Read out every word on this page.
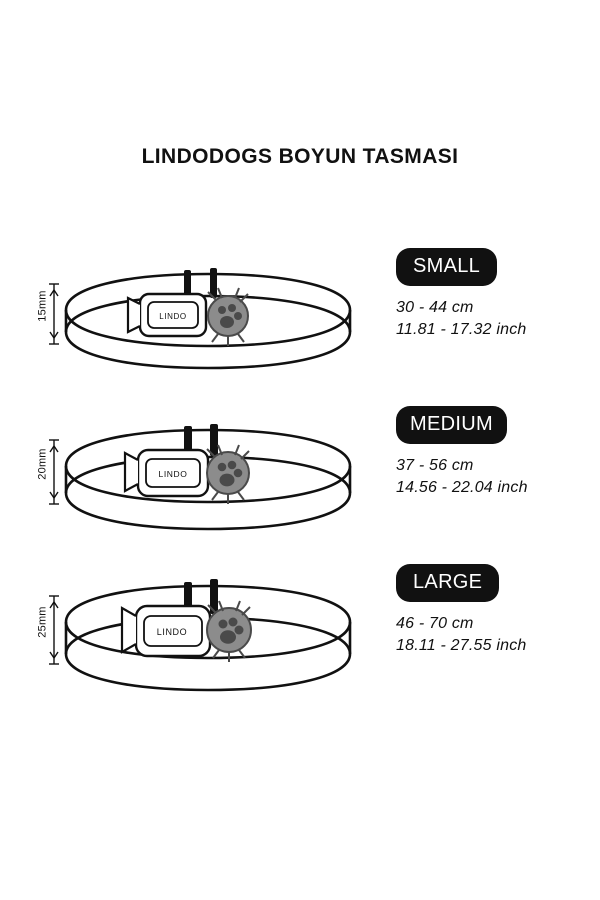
LINDODOGS BOYUN TASMASI
15mm	LINDO
SMALL
30 - 44 cm
11.81 - 17.32 inch
20mm	LINDO
MEDIUM
37 - 56 cm
14.56 - 22.04 inch
25mm	LINDO
LARGE
46 - 70 cm
18.11 - 27.55 inch
